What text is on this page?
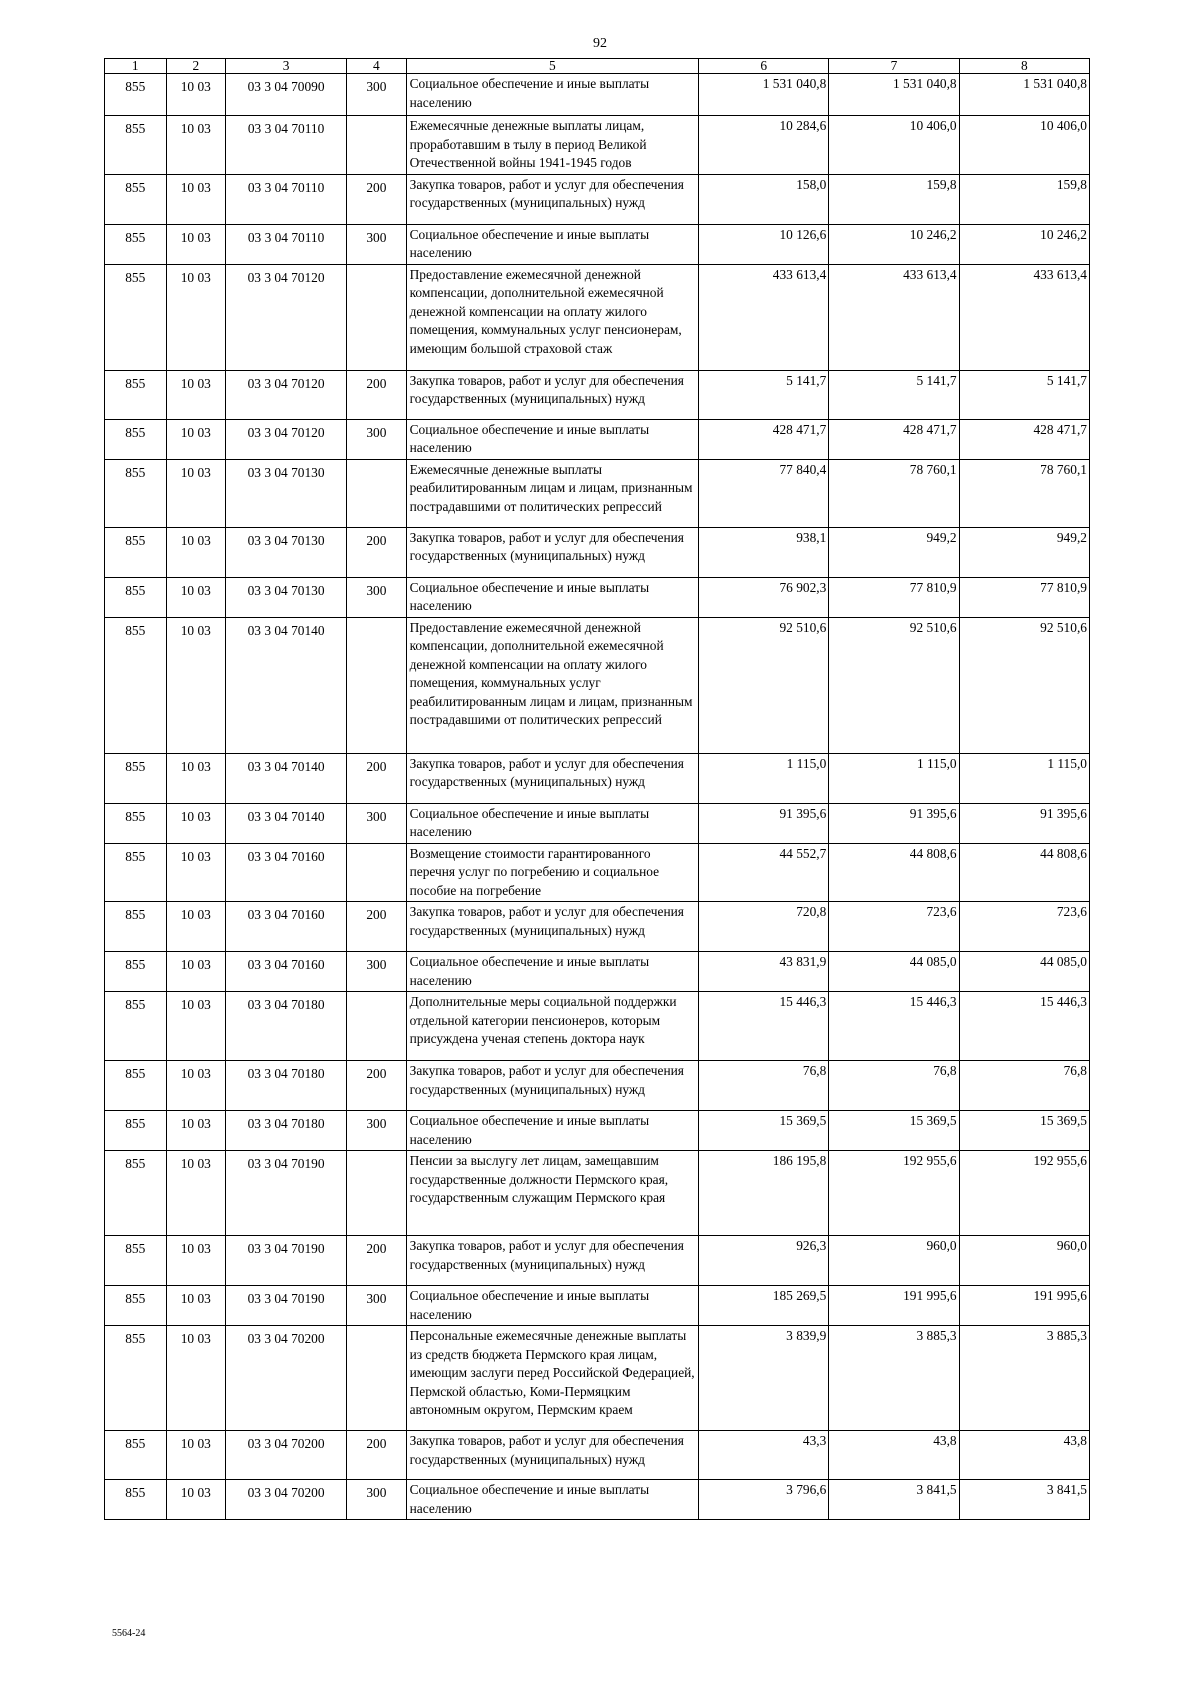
92
1	2	3	4	5	6	7	8
855	10 03	03 3 04 70090	300	Социальное обеспечение и иные выплаты населению	1 531 040,8	1 531 040,8	1 531 040,8
855	10 03	03 3 04 70110		Ежемесячные денежные выплаты лицам, проработавшим в тылу в период Великой Отечественной войны 1941-1945 годов	10 284,6	10 406,0	10 406,0
855	10 03	03 3 04 70110	200	Закупка товаров, работ и услуг для обеспечения государственных (муниципальных) нужд	158,0	159,8	159,8
855	10 03	03 3 04 70110	300	Социальное обеспечение и иные выплаты населению	10 126,6	10 246,2	10 246,2
855	10 03	03 3 04 70120		Предоставление ежемесячной денежной компенсации, дополнительной ежемесячной денежной компенсации на оплату жилого помещения, коммунальных услуг пенсионерам, имеющим большой страховой стаж	433 613,4	433 613,4	433 613,4
855	10 03	03 3 04 70120	200	Закупка товаров, работ и услуг для обеспечения государственных (муниципальных) нужд	5 141,7	5 141,7	5 141,7
855	10 03	03 3 04 70120	300	Социальное обеспечение и иные выплаты населению	428 471,7	428 471,7	428 471,7
855	10 03	03 3 04 70130		Ежемесячные денежные выплаты реабилитированным лицам и лицам, признанным пострадавшими от политических репрессий	77 840,4	78 760,1	78 760,1
855	10 03	03 3 04 70130	200	Закупка товаров, работ и услуг для обеспечения государственных (муниципальных) нужд	938,1	949,2	949,2
855	10 03	03 3 04 70130	300	Социальное обеспечение и иные выплаты населению	76 902,3	77 810,9	77 810,9
855	10 03	03 3 04 70140		Предоставление ежемесячной денежной компенсации, дополнительной ежемесячной денежной компенсации на оплату жилого помещения, коммунальных услуг реабилитированным лицам и лицам, признанным пострадавшими от политических репрессий	92 510,6	92 510,6	92 510,6
855	10 03	03 3 04 70140	200	Закупка товаров, работ и услуг для обеспечения государственных (муниципальных) нужд	1 115,0	1 115,0	1 115,0
855	10 03	03 3 04 70140	300	Социальное обеспечение и иные выплаты населению	91 395,6	91 395,6	91 395,6
855	10 03	03 3 04 70160		Возмещение стоимости гарантированного перечня услуг по погребению и социальное пособие на погребение	44 552,7	44 808,6	44 808,6
855	10 03	03 3 04 70160	200	Закупка товаров, работ и услуг для обеспечения государственных (муниципальных) нужд	720,8	723,6	723,6
855	10 03	03 3 04 70160	300	Социальное обеспечение и иные выплаты населению	43 831,9	44 085,0	44 085,0
855	10 03	03 3 04 70180		Дополнительные меры социальной поддержки отдельной категории пенсионеров, которым присуждена ученая степень доктора наук	15 446,3	15 446,3	15 446,3
855	10 03	03 3 04 70180	200	Закупка товаров, работ и услуг для обеспечения государственных (муниципальных) нужд	76,8	76,8	76,8
855	10 03	03 3 04 70180	300	Социальное обеспечение и иные выплаты населению	15 369,5	15 369,5	15 369,5
855	10 03	03 3 04 70190		Пенсии за выслугу лет лицам, замещавшим государственные должности Пермского края, государственным служащим Пермского края	186 195,8	192 955,6	192 955,6
855	10 03	03 3 04 70190	200	Закупка товаров, работ и услуг для обеспечения государственных (муниципальных) нужд	926,3	960,0	960,0
855	10 03	03 3 04 70190	300	Социальное обеспечение и иные выплаты населению	185 269,5	191 995,6	191 995,6
855	10 03	03 3 04 70200		Персональные ежемесячные денежные выплаты из средств бюджета Пермского края лицам, имеющим заслуги перед Российской Федерацией, Пермской областью, Коми-Пермяцким автономным округом, Пермским краем	3 839,9	3 885,3	3 885,3
855	10 03	03 3 04 70200	200	Закупка товаров, работ и услуг для обеспечения государственных (муниципальных) нужд	43,3	43,8	43,8
855	10 03	03 3 04 70200	300	Социальное обеспечение и иные выплаты населению	3 796,6	3 841,5	3 841,5
5564-24
